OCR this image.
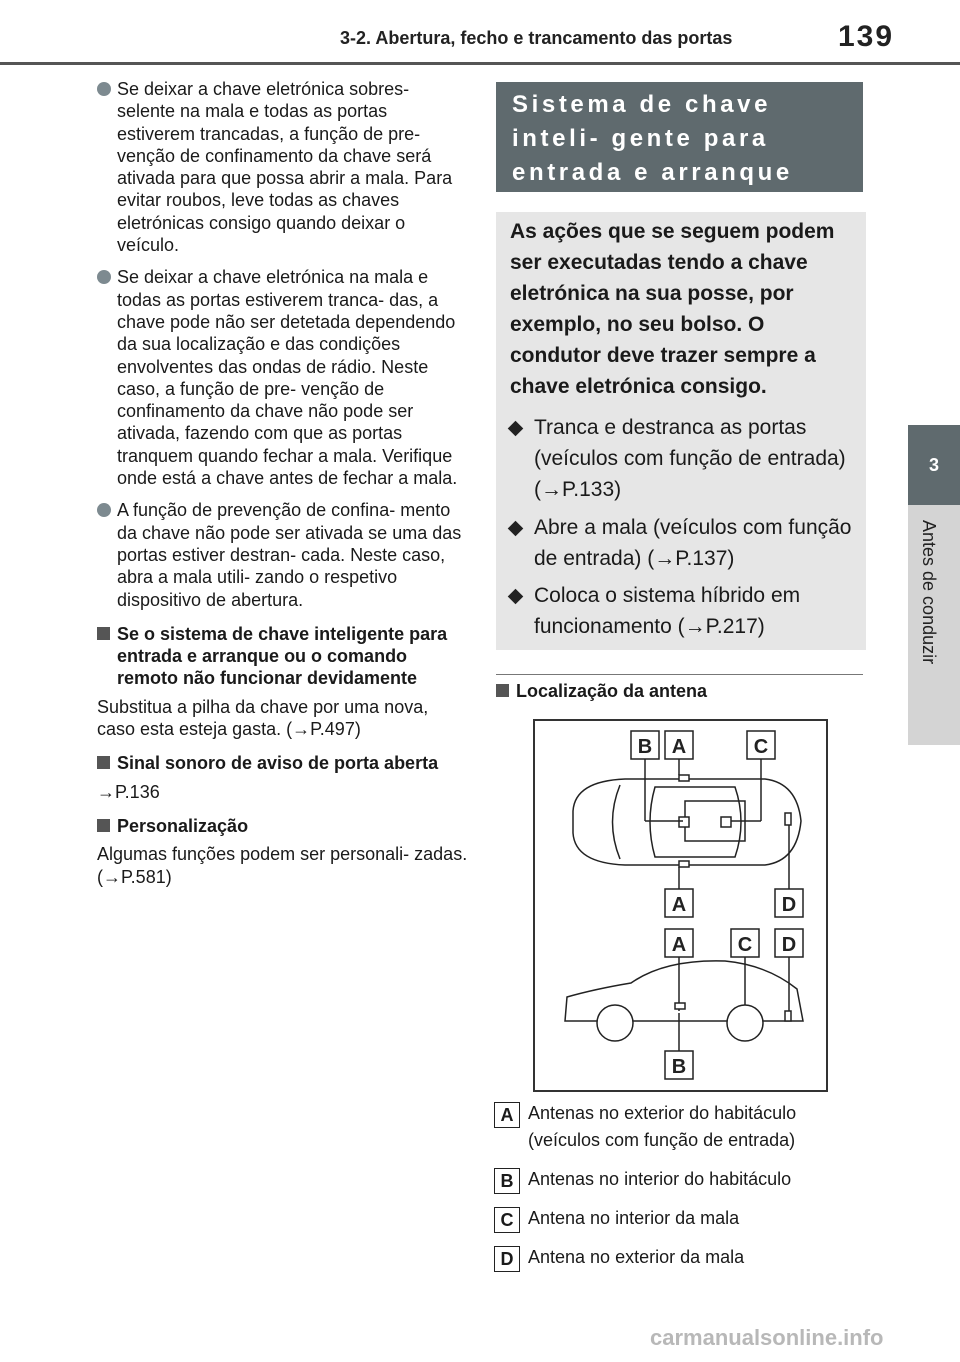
3-2. Abertura, fecho e trancamento das portas	139
3
Antes de conduzir

Se deixar a chave eletrónica sobres- selente na mala e todas as portas estiverem trancadas, a função de pre- venção de confinamento da chave será ativada para que possa abrir a mala. Para evitar roubos, leve todas as chaves eletrónicas consigo quando deixar o veículo.

Se deixar a chave eletrónica na mala e todas as portas estiverem tranca- das, a chave pode não ser detetada dependendo da sua localização e das condições envolventes das ondas de rádio. Neste caso, a função de pre- venção de confinamento da chave não pode ser ativada, fazendo com que as portas tranquem quando fechar a mala. Verifique onde está a chave antes de fechar a mala.

A função de prevenção de confina- mento da chave não pode ser ativada se uma das portas estiver destran- cada. Neste caso, abra a mala utili- zando o respetivo dispositivo de abertura.

Se o sistema de chave inteligente para entrada e arranque ou o comando remoto não funcionar devidamente

Substitua a pilha da chave por uma nova, caso esta esteja gasta. (→P.497)

Sinal sonoro de aviso de porta aberta

→P.136

Personalização

Algumas funções podem ser personali- zadas. (→P.581)

Sistema de chave inteli- gente para entrada e arranque
As ações que se seguem podem ser executadas tendo a chave eletrónica na sua posse, por exemplo, no seu bolso. O condutor deve trazer sempre a chave eletrónica consigo.
Tranca e destranca as portas (veículos com função de entrada) (→P.133)
Abre a mala (veículos com função de entrada) (→P.137)
Coloca o sistema híbrido em funcionamento (→P.217)
Localização da antena
B A	C
A	D
A	C D
B
A Antenas no exterior do habitáculo (veículos com função de entrada)
B Antenas no interior do habitáculo
C Antena no interior da mala
D Antena no exterior da mala
carmanualsonline.info
